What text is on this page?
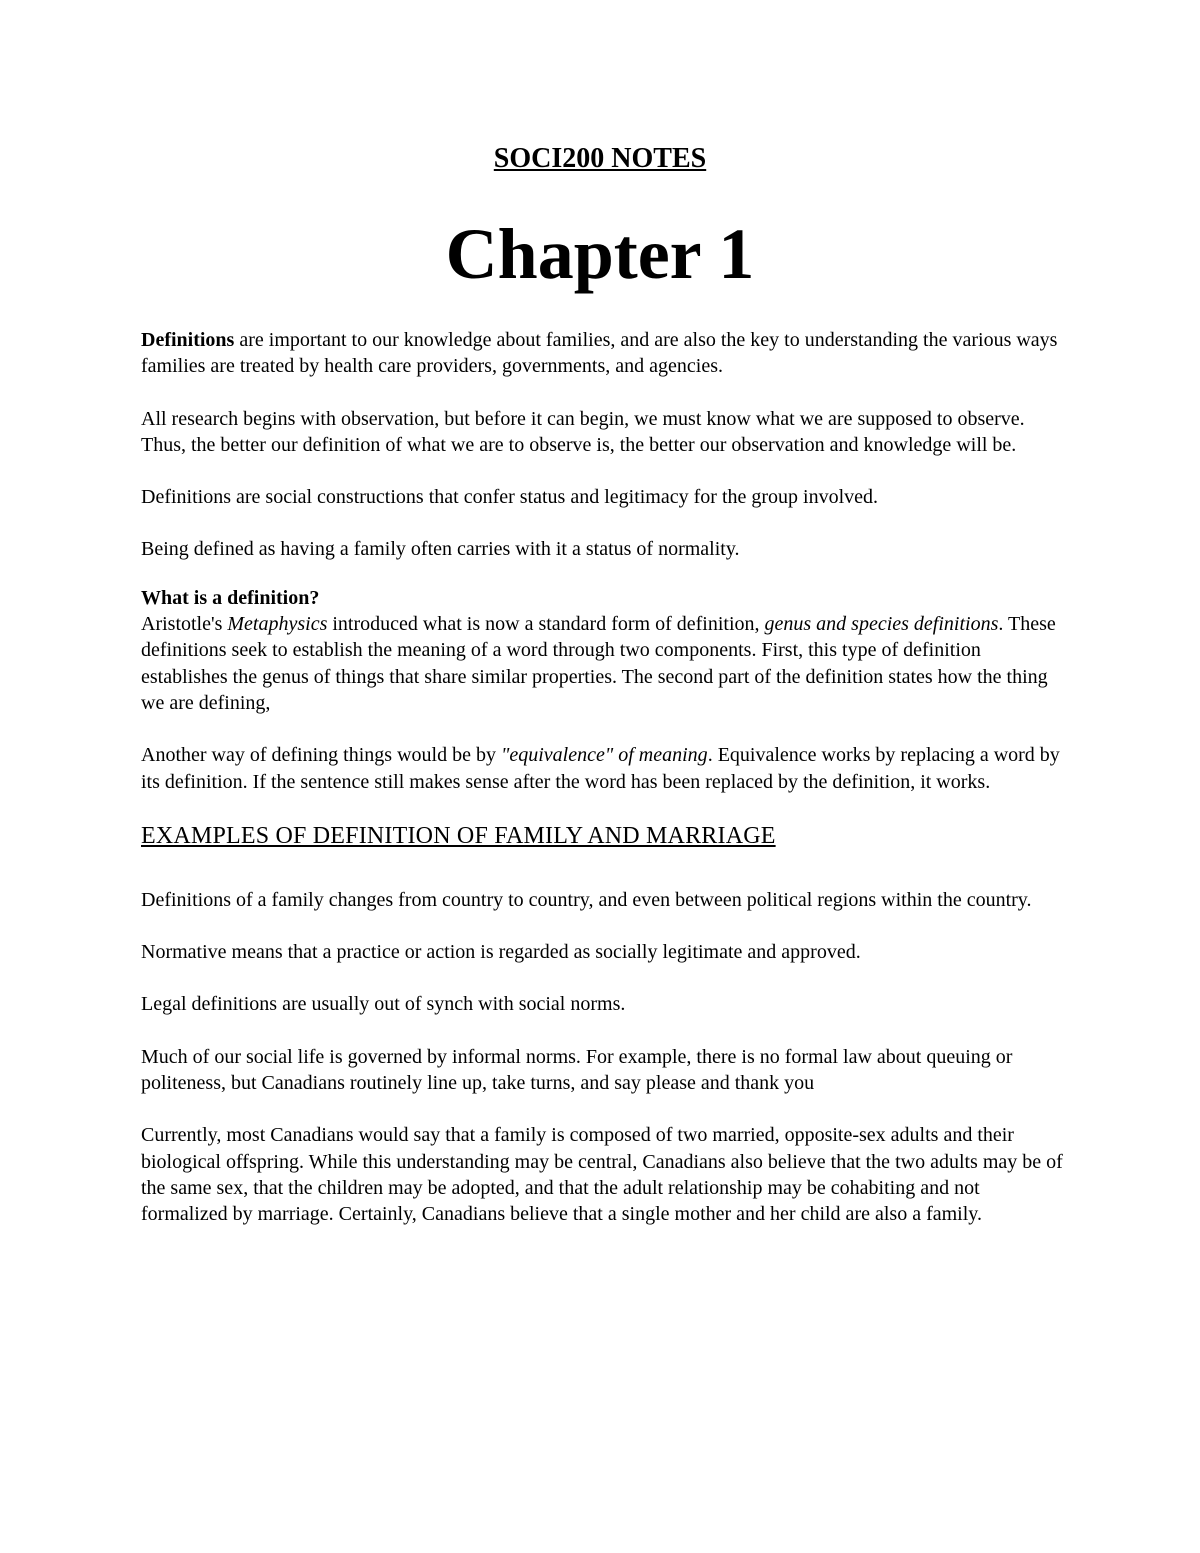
SOCI200 NOTES
Chapter 1

Definitions are important to our knowledge about families, and are also the key to understanding the various ways families are treated by health care providers, governments, and agencies.

All research begins with observation, but before it can begin, we must know what we are supposed to observe. Thus, the better our definition of what we are to observe is, the better our observation and knowledge will be.

Definitions are social constructions that confer status and legitimacy for the group involved.

Being defined as having a family often carries with it a status of normality.

What is a definition?

Aristotle's Metaphysics introduced what is now a standard form of definition, genus and species definitions. These definitions seek to establish the meaning of a word through two components. First, this type of definition establishes the genus of things that share similar properties. The second part of the definition states how the thing we are defining,

Another way of defining things would be by "equivalence" of meaning. Equivalence works by replacing a word by its definition. If the sentence still makes sense after the word has been replaced by the definition, it works.

EXAMPLES OF DEFINITION OF FAMILY AND MARRIAGE

Definitions of a family changes from country to country, and even between political regions within the country.

Normative means that a practice or action is regarded as socially legitimate and approved.

Legal definitions are usually out of synch with social norms.

Much of our social life is governed by informal norms. For example, there is no formal law about queuing or politeness, but Canadians routinely line up, take turns, and say please and thank you

Currently, most Canadians would say that a family is composed of two married, opposite-sex adults and their biological offspring. While this understanding may be central, Canadians also believe that the two adults may be of the same sex, that the children may be adopted, and that the adult relationship may be cohabiting and not formalized by marriage. Certainly, Canadians believe that a single mother and her child are also a family.
